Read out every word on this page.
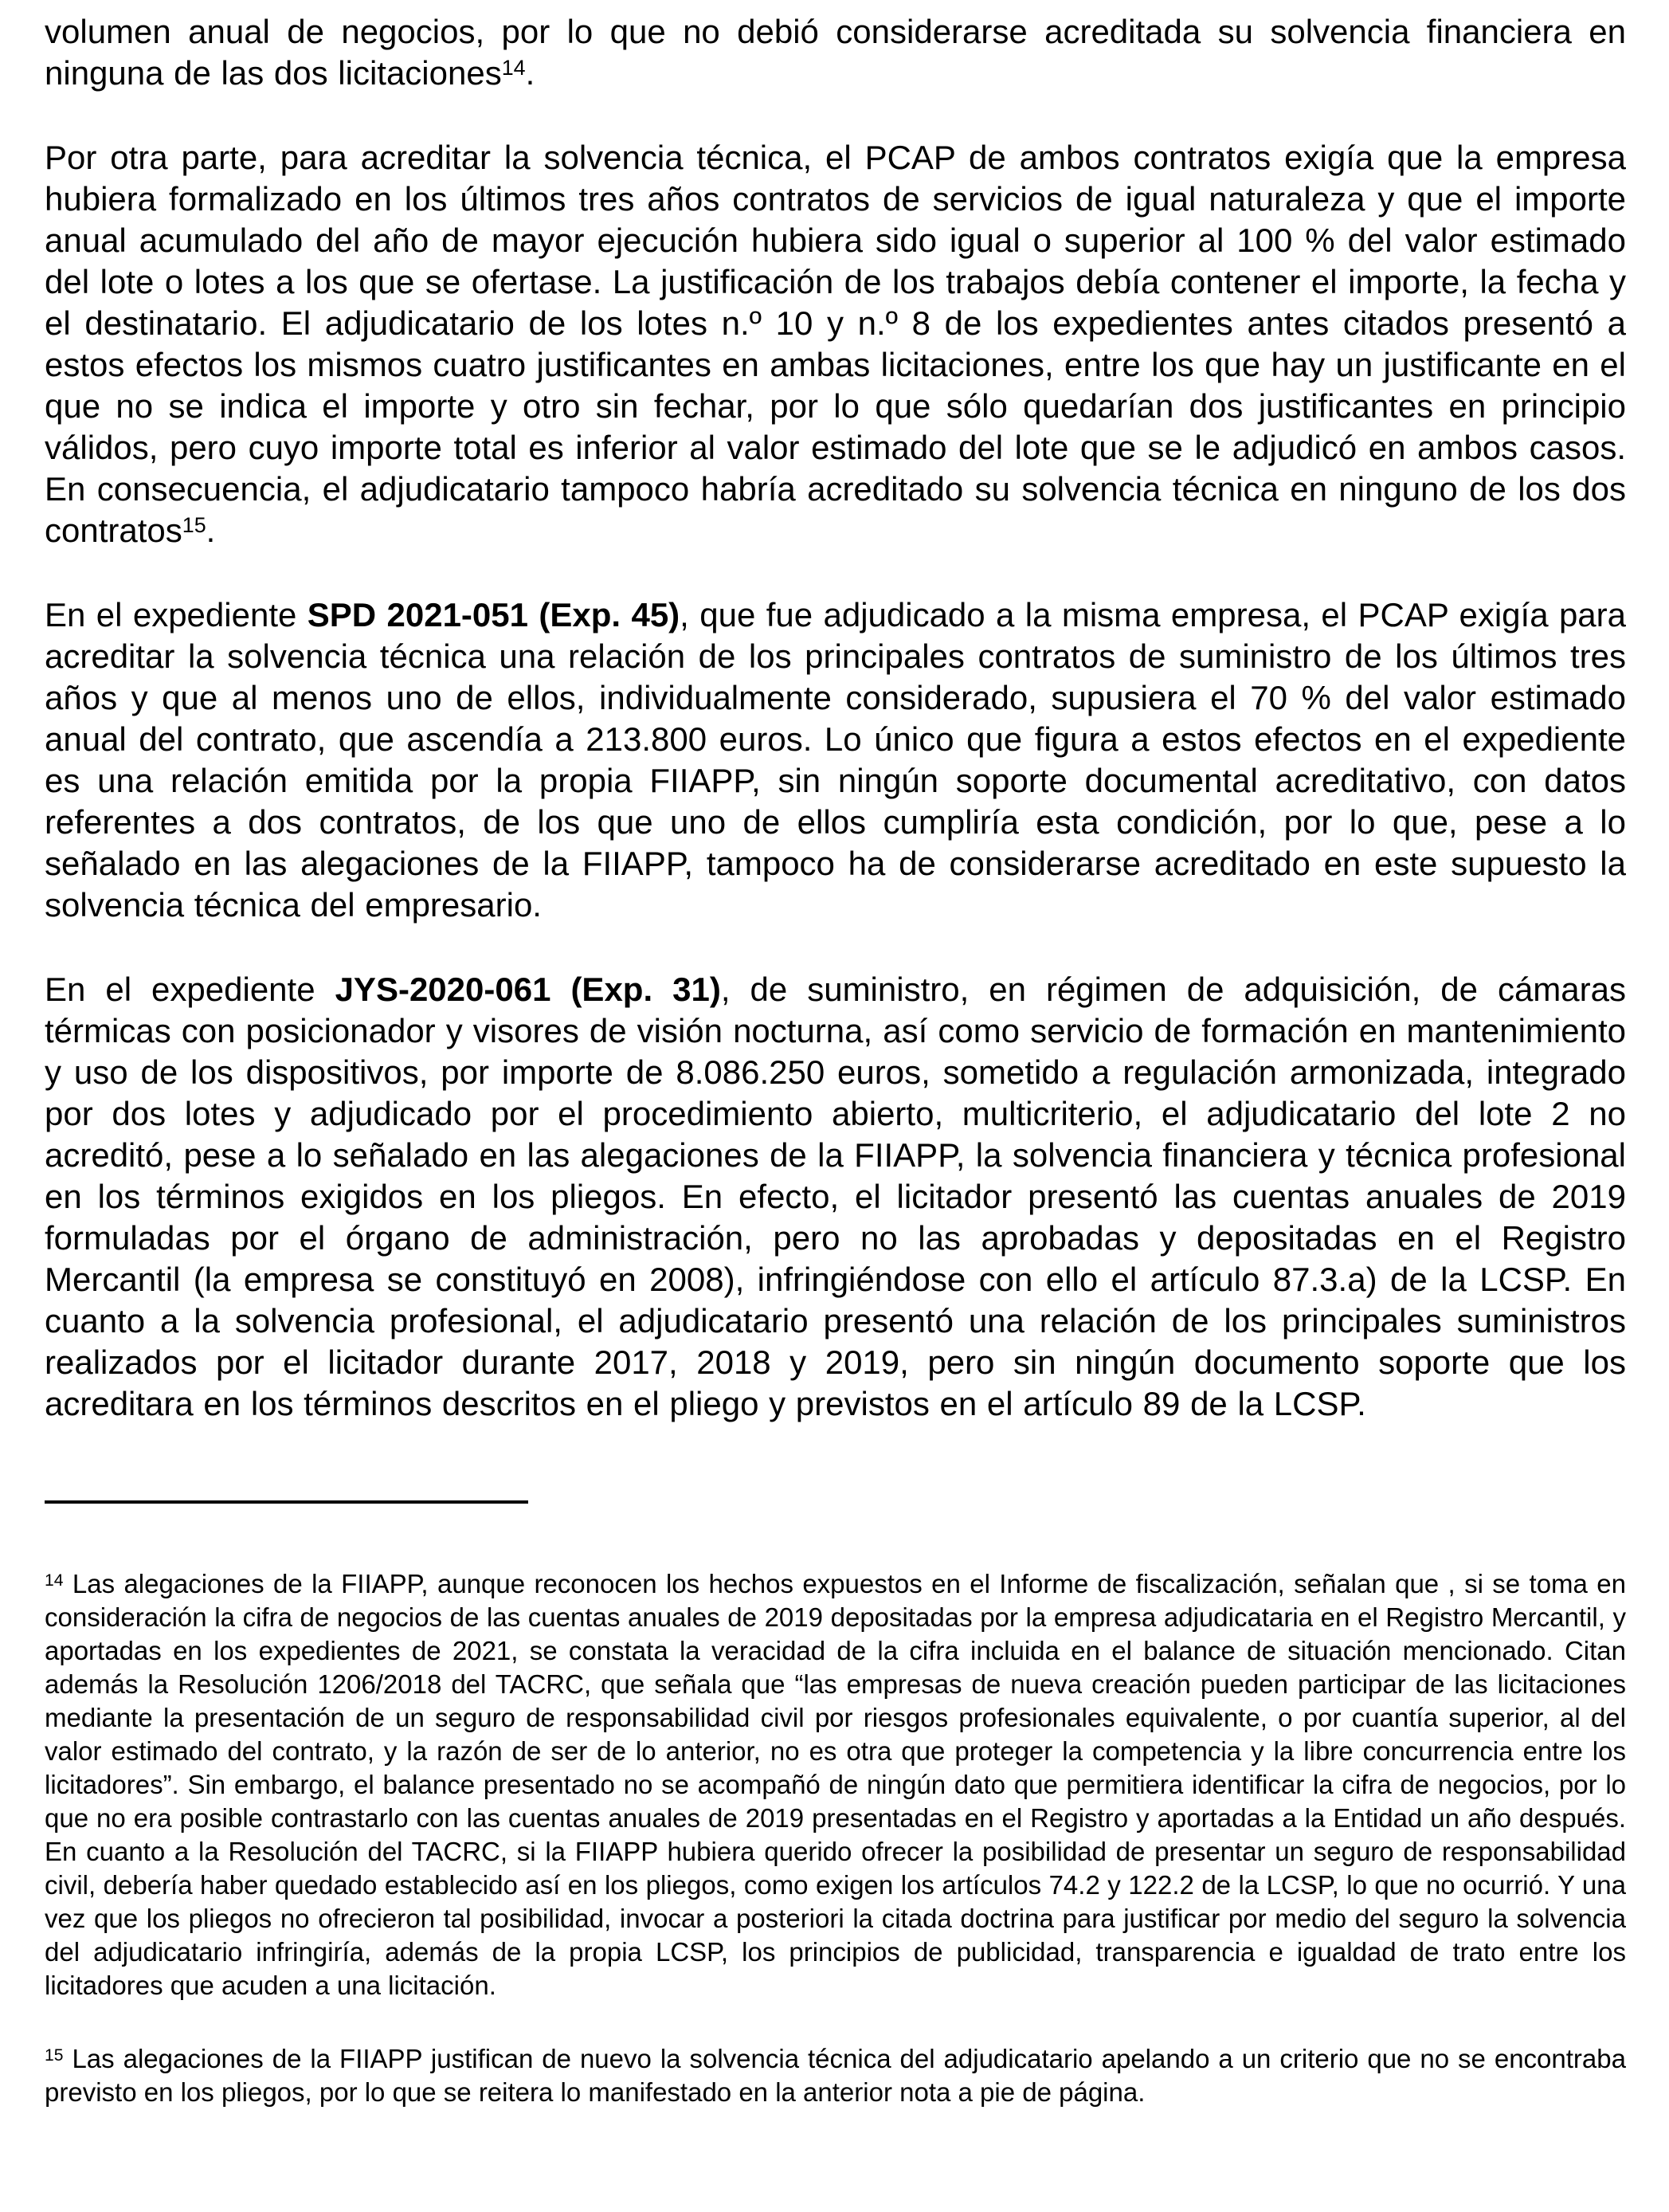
volumen anual de negocios, por lo que no debió considerarse acreditada su solvencia financiera en ninguna de las dos licitaciones$^{14}$.

Por otra parte, para acreditar la solvencia técnica, el PCAP de ambos contratos exigía que la empresa hubiera formalizado en los últimos tres años contratos de servicios de igual naturaleza y que el importe anual acumulado del año de mayor ejecución hubiera sido igual o superior al 100 % del valor estimado del lote o lotes a los que se ofertase. La justificación de los trabajos debía contener el importe, la fecha y el destinatario. El adjudicatario de los lotes n.º 10 y n.º 8 de los expedientes antes citados presentó a estos efectos los mismos cuatro justificantes en ambas licitaciones, entre los que hay un justificante en el que no se indica el importe y otro sin fechar, por lo que sólo quedarían dos justificantes en principio válidos, pero cuyo importe total es inferior al valor estimado del lote que se le adjudicó en ambos casos. En consecuencia, el adjudicatario tampoco habría acreditado su solvencia técnica en ninguno de los dos contratos$^{15}$.

En el expediente SPD 2021-051 (Exp. 45), que fue adjudicado a la misma empresa, el PCAP exigía para acreditar la solvencia técnica una relación de los principales contratos de suministro de los últimos tres años y que al menos uno de ellos, individualmente considerado, supusiera el 70 % del valor estimado anual del contrato, que ascendía a 213.800 euros. Lo único que figura a estos efectos en el expediente es una relación emitida por la propia FIIAPP, sin ningún soporte documental acreditativo, con datos referentes a dos contratos, de los que uno de ellos cumpliría esta condición, por lo que, pese a lo señalado en las alegaciones de la FIIAPP, tampoco ha de considerarse acreditado en este supuesto la solvencia técnica del empresario.

En el expediente JYS-2020-061 (Exp. 31), de suministro, en régimen de adquisición, de cámaras térmicas con posicionador y visores de visión nocturna, así como servicio de formación en mantenimiento y uso de los dispositivos, por importe de 8.086.250 euros, sometido a regulación armonizada, integrado por dos lotes y adjudicado por el procedimiento abierto, multicriterio, el adjudicatario del lote 2 no acreditó, pese a lo señalado en las alegaciones de la FIIAPP, la solvencia financiera y técnica profesional en los términos exigidos en los pliegos. En efecto, el licitador presentó las cuentas anuales de 2019 formuladas por el órgano de administración, pero no las aprobadas y depositadas en el Registro Mercantil (la empresa se constituyó en 2008), infringiéndose con ello el artículo 87.3.a) de la LCSP. En cuanto a la solvencia profesional, el adjudicatario presentó una relación de los principales suministros realizados por el licitador durante 2017, 2018 y 2019, pero sin ningún documento soporte que los acreditara en los términos descritos en el pliego y previstos en el artículo 89 de la LCSP.

$^{14}$ Las alegaciones de la FIIAPP, aunque reconocen los hechos expuestos en el Informe de fiscalización, señalan que , si se toma en consideración la cifra de negocios de las cuentas anuales de 2019 depositadas por la empresa adjudicataria en el Registro Mercantil, y aportadas en los expedientes de 2021, se constata la veracidad de la cifra incluida en el balance de situación mencionado. Citan además la Resolución 1206/2018 del TACRC, que señala que “las empresas de nueva creación pueden participar de las licitaciones mediante la presentación de un seguro de responsabilidad civil por riesgos profesionales equivalente, o por cuantía superior, al del valor estimado del contrato, y la razón de ser de lo anterior, no es otra que proteger la competencia y la libre concurrencia entre los licitadores”. Sin embargo, el balance presentado no se acompañó de ningún dato que permitiera identificar la cifra de negocios, por lo que no era posible contrastarlo con las cuentas anuales de 2019 presentadas en el Registro y aportadas a la Entidad un año después. En cuanto a la Resolución del TACRC, si la FIIAPP hubiera querido ofrecer la posibilidad de presentar un seguro de responsabilidad civil, debería haber quedado establecido así en los pliegos, como exigen los artículos 74.2 y 122.2 de la LCSP, lo que no ocurrió. Y una vez que los pliegos no ofrecieron tal posibilidad, invocar a posteriori la citada doctrina para justificar por medio del seguro la solvencia del adjudicatario infringiría, además de la propia LCSP, los principios de publicidad, transparencia e igualdad de trato entre los licitadores que acuden a una licitación.

$^{15}$ Las alegaciones de la FIIAPP justifican de nuevo la solvencia técnica del adjudicatario apelando a un criterio que no se encontraba previsto en los pliegos, por lo que se reitera lo manifestado en la anterior nota a pie de página.
